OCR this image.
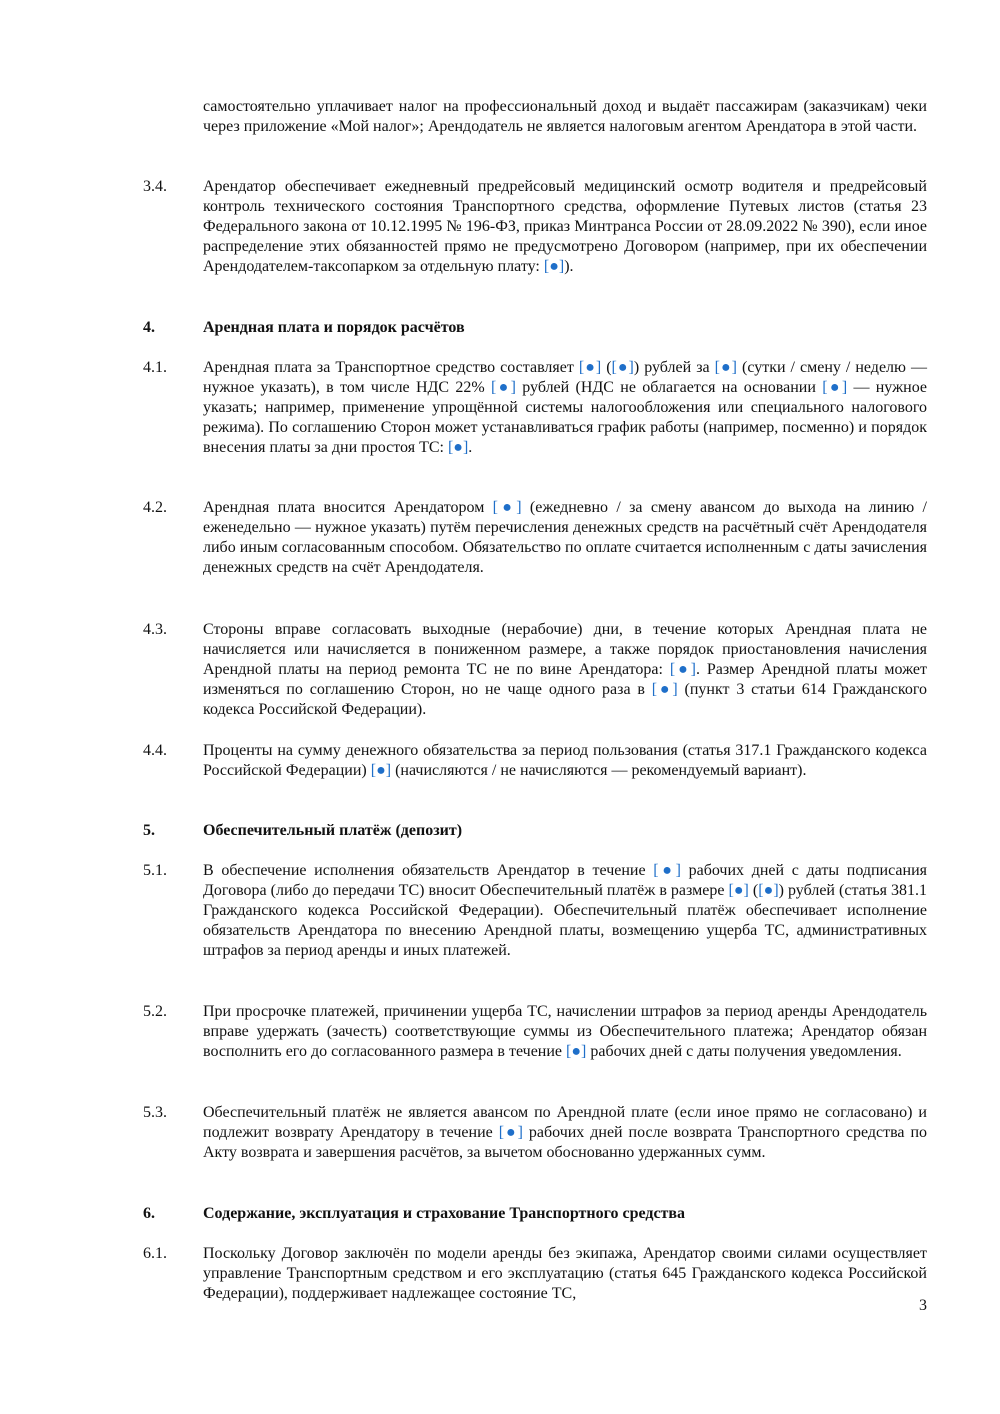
самостоятельно уплачивает налог на профессиональный доход и выдаёт пассажирам (заказчикам) чеки через приложение «Мой налог»; Арендодатель не является налоговым агентом Арендатора в этой части.
3.4.	Арендатор обеспечивает ежедневный предрейсовый медицинский осмотр водителя и предрейсовый контроль технического состояния Транспортного средства, оформление Путевых листов (статья 23 Федерального закона от 10.12.1995 № 196-ФЗ, приказ Минтранса России от 28.09.2022 № 390), если иное распределение этих обязанностей прямо не предусмотрено Договором (например, при их обеспечении Арендодателем-таксопарком за отдельную плату: [●]).
4.	Арендная плата и порядок расчётов
4.1.	Арендная плата за Транспортное средство составляет [●] ([●]) рублей за [●] (сутки / смену / неделю — нужное указать), в том числе НДС 22% [●] рублей (НДС не облагается на основании [●] — нужное указать; например, применение упрощённой системы налогообложения или специального налогового режима). По соглашению Сторон может устанавливаться график работы (например, посменно) и порядок внесения платы за дни простоя ТС: [●].
4.2.	Арендная плата вносится Арендатором [●] (ежедневно / за смену авансом до выхода на линию / еженедельно — нужное указать) путём перечисления денежных средств на расчётный счёт Арендодателя либо иным согласованным способом. Обязательство по оплате считается исполненным с даты зачисления денежных средств на счёт Арендодателя.
4.3.	Стороны вправе согласовать выходные (нерабочие) дни, в течение которых Арендная плата не начисляется или начисляется в пониженном размере, а также порядок приостановления начисления Арендной платы на период ремонта ТС не по вине Арендатора: [●]. Размер Арендной платы может изменяться по соглашению Сторон, но не чаще одного раза в [●] (пункт 3 статьи 614 Гражданского кодекса Российской Федерации).
4.4.	Проценты на сумму денежного обязательства за период пользования (статья 317.1 Гражданского кодекса Российской Федерации) [●] (начисляются / не начисляются — рекомендуемый вариант).
5.	Обеспечительный платёж (депозит)
5.1.	В обеспечение исполнения обязательств Арендатор в течение [●] рабочих дней с даты подписания Договора (либо до передачи ТС) вносит Обеспечительный платёж в размере [●] ([●]) рублей (статья 381.1 Гражданского кодекса Российской Федерации). Обеспечительный платёж обеспечивает исполнение обязательств Арендатора по внесению Арендной платы, возмещению ущерба ТС, административных штрафов за период аренды и иных платежей.
5.2.	При просрочке платежей, причинении ущерба ТС, начислении штрафов за период аренды Арендодатель вправе удержать (зачесть) соответствующие суммы из Обеспечительного платежа; Арендатор обязан восполнить его до согласованного размера в течение [●] рабочих дней с даты получения уведомления.
5.3.	Обеспечительный платёж не является авансом по Арендной плате (если иное прямо не согласовано) и подлежит возврату Арендатору в течение [●] рабочих дней после возврата Транспортного средства по Акту возврата и завершения расчётов, за вычетом обоснованно удержанных сумм.
6.	Содержание, эксплуатация и страхование Транспортного средства
6.1.	Поскольку Договор заключён по модели аренды без экипажа, Арендатор своими силами осуществляет управление Транспортным средством и его эксплуатацию (статья 645 Гражданского кодекса Российской Федерации), поддерживает надлежащее состояние ТС,
3
